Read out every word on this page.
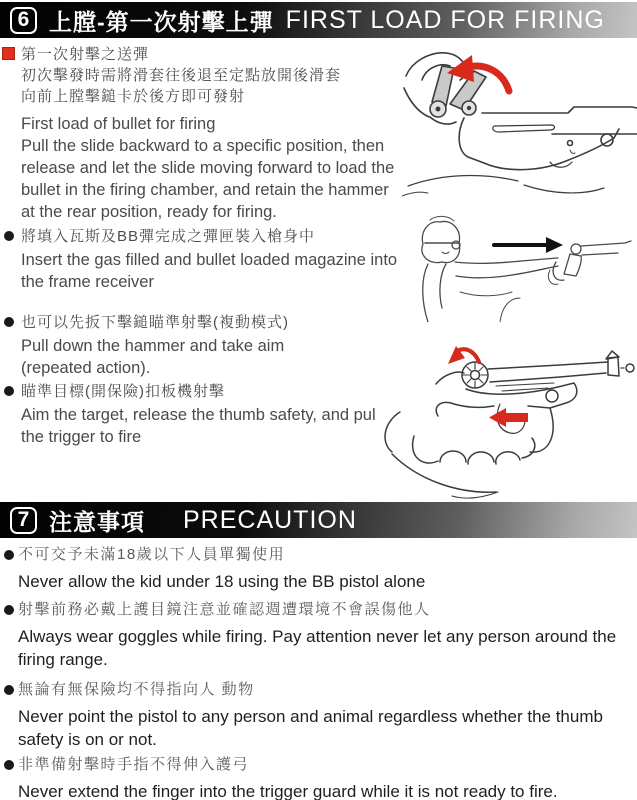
6 上膛-第一次射擊上彈 FIRST LOAD FOR FIRING
第一次射擊之送彈
初次擊發時需將滑套往後退至定點放開後滑套
向前上膛擊鎚卡於後方即可發射
First load of bullet for firing
Pull the slide backward to a specific position, then
release and let the slide moving forward to load the
bullet in the firing chamber, and retain the hammer
at the rear position, ready for firing.
將填入瓦斯及BB彈完成之彈匣裝入槍身中
Insert the gas filled and bullet loaded magazine into
the frame receiver
也可以先扳下擊鎚瞄準射擊(複動模式)
Pull down the hammer and take aim
(repeated action).
瞄準目標(開保險)扣板機射擊
Aim the target, release the thumb safety, and pul
the trigger to fire
7 注意事項 PRECAUTION
不可交予未滿18歲以下人員單獨使用
Never allow the kid under 18 using the BB pistol alone
射擊前務必戴上護目鏡注意並確認週遭環境不會誤傷他人
Always wear goggles while firing. Pay attention never let any person around the
firing range.
無論有無保險均不得指向人 動物
Never point the pistol to any person and animal regardless whether the thumb
safety is on or not.
非準備射擊時手指不得伸入護弓
Never extend the finger into the trigger guard while it is not ready to fire.
